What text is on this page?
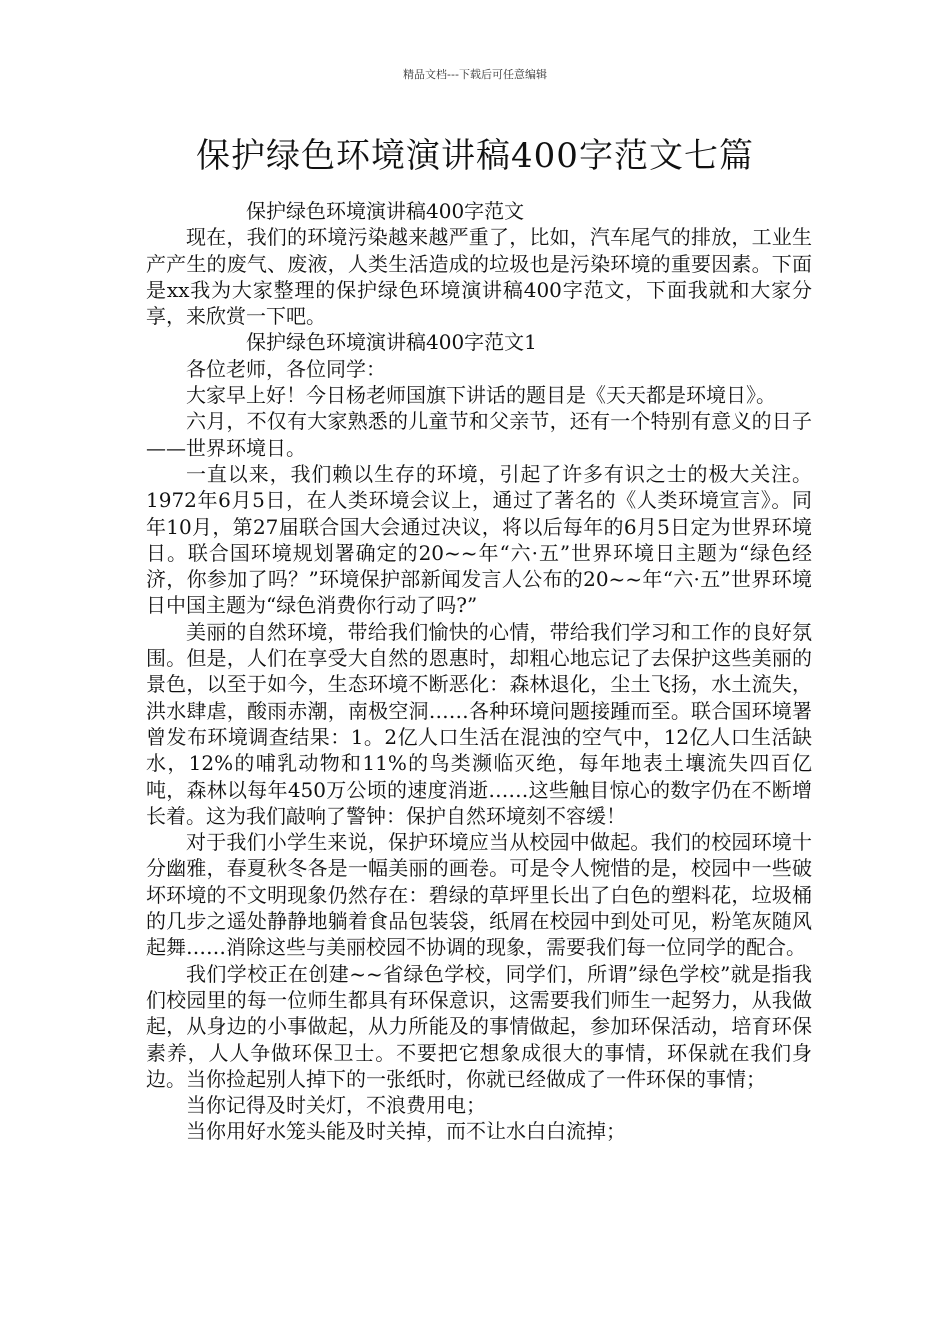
精品文档---下载后可任意编辑
保护绿色环境演讲稿400字范文七篇

保护绿色环境演讲稿400字范文

现在，我们的环境污染越来越严重了，比如，汽车尾气的排放，工业生产产生的废气、废液，人类生活造成的垃圾也是污染环境的重要因素。下面是xx我为大家整理的保护绿色环境演讲稿400字范文，下面我就和大家分享，来欣赏一下吧。

保护绿色环境演讲稿400字范文1

各位老师，各位同学：

大家早上好！今日杨老师国旗下讲话的题目是《天天都是环境日》。

六月，不仅有大家熟悉的儿童节和父亲节，还有一个特别有意义的日子——世界环境日。

一直以来，我们赖以生存的环境，引起了许多有识之士的极大关注。1972年6月5日，在人类环境会议上，通过了著名的《人类环境宣言》。同年10月，第27届联合国大会通过决议，将以后每年的6月5日定为世界环境日。联合国环境规划署确定的20~~年“六·五”世界环境日主题为“绿色经济，你参加了吗？”环境保护部新闻发言人公布的20~~年“六·五”世界环境日中国主题为“绿色消费你行动了吗?”

美丽的自然环境，带给我们愉快的心情，带给我们学习和工作的良好氛围。但是，人们在享受大自然的恩惠时，却粗心地忘记了去保护这些美丽的景色，以至于如今，生态环境不断恶化：森林退化，尘土飞扬，水土流失，洪水肆虐，酸雨赤潮，南极空洞……各种环境问题接踵而至。联合国环境署曾发布环境调查结果：1。2亿人口生活在混浊的空气中，12亿人口生活缺水，12%的哺乳动物和11%的鸟类濒临灭绝，每年地表土壤流失四百亿吨，森林以每年450万公顷的速度消逝……这些触目惊心的数字仍在不断增长着。这为我们敲响了警钟：保护自然环境刻不容缓！

对于我们小学生来说，保护环境应当从校园中做起。我们的校园环境十分幽雅，春夏秋冬各是一幅美丽的画卷。可是令人惋惜的是，校园中一些破坏环境的不文明现象仍然存在：碧绿的草坪里长出了白色的塑料花，垃圾桶的几步之遥处静静地躺着食品包装袋，纸屑在校园中到处可见，粉笔灰随风起舞……消除这些与美丽校园不协调的现象，需要我们每一位同学的配合。

我们学校正在创建~~省绿色学校，同学们，所谓”绿色学校”就是指我们校园里的每一位师生都具有环保意识，这需要我们师生一起努力，从我做起，从身边的小事做起，从力所能及的事情做起，参加环保活动，培育环保素养，人人争做环保卫士。不要把它想象成很大的事情，环保就在我们身边。当你捡起别人掉下的一张纸时，你就已经做成了一件环保的事情；

当你记得及时关灯，不浪费用电；

当你用好水笼头能及时关掉，而不让水白白流掉；
